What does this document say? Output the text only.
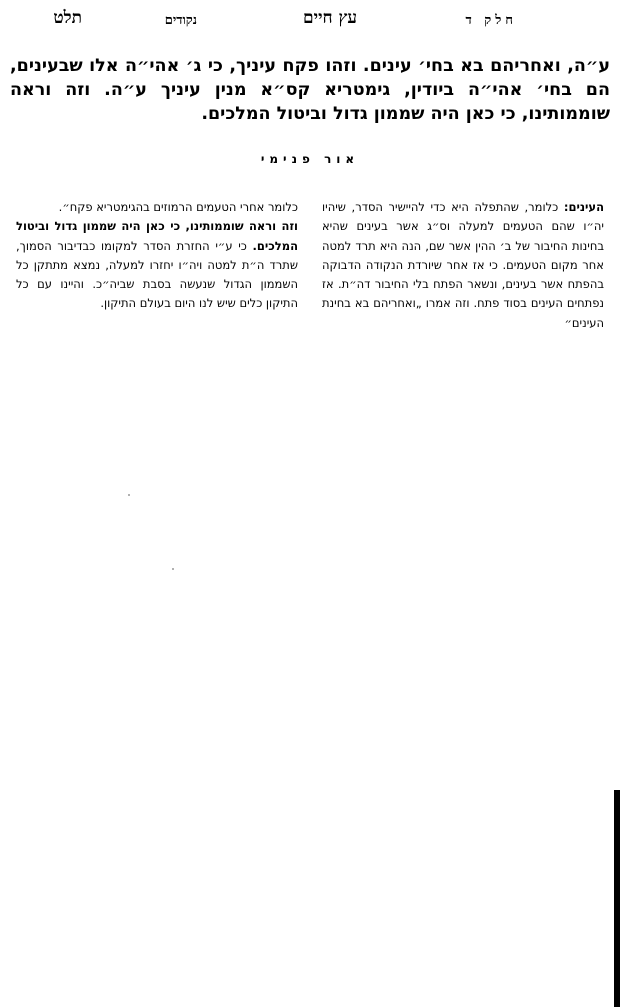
חלק ד
עץ חיים
נקודים
תלט
ע״ה, ואחריהם בא בחי׳ עינים. וזהו פקח עיניך, כי ג׳ אהי״ה אלו שבעינים, הם בחי׳ אהי״ה ביודין, גימטריא קס״א מנין עיניך ע״ה. וזה וראה שוממותינו, כי כאן היה שממון גדול וביטול המלכים.
אור פנימי

העינים: כלומר, שהתפלה היא כדי להיישיר הסדר, שיהיו יה״ו שהם הטעמים למעלה וס״ג אשר בעינים שהיא בחינות החיבור של ב׳ ההין אשר שם, הנה היא תרד למטה אחר מקום הטעמים. כי אז אחר שיורדת הנקודה הדבוקה בהפתח אשר בעינים, ונשאר הפתח בלי החיבור דה״ת. אז נפתחים העינים בסוד פתח. וזה אמרו „ואחריהם בא בחינת העינים״

כלומר אחרי הטעמים הרמוזים בהגימטריא פקח״.

וזה וראה שוממותינו, כי כאן היה שממון גדול וביטול המלכים. כי ע״י החזרת הסדר למקומו כבדיבור הסמוך, שתרד ה״ת למטה ויה״ו יחזרו למעלה, נמצא מתתקן כל השממון הגדול שנעשה בסבת שביה״כ. והיינו עם כל התיקון כלים שיש לנו היום בעולם התיקון.
